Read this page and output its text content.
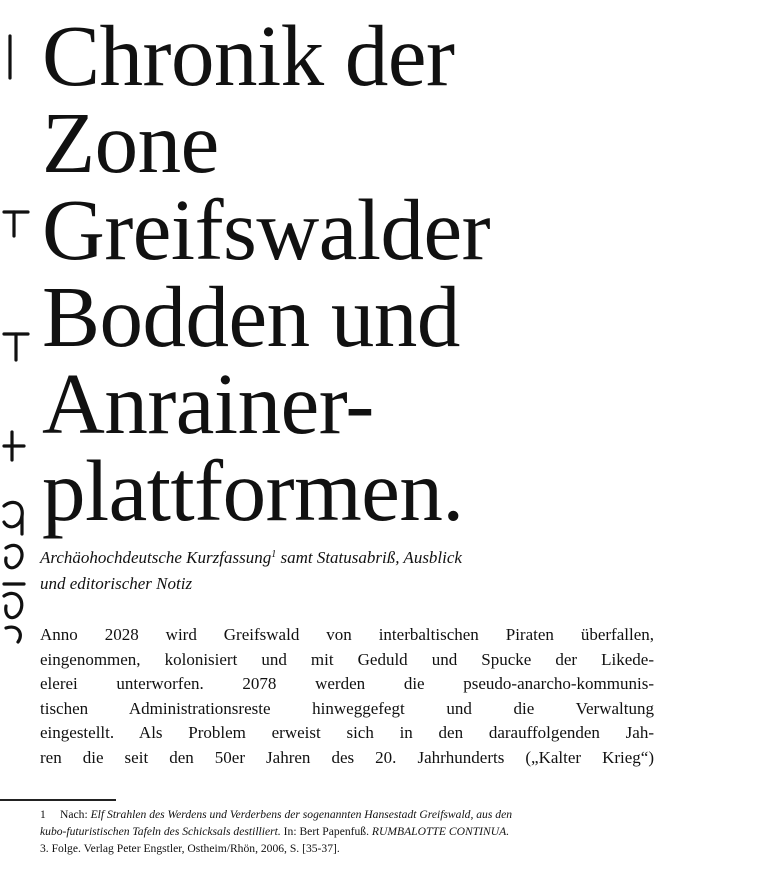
Chronik der
Zone
Greifswalder
Bodden und
Anrainer-
plattformen.
Archäohochdeutsche Kurzfassung$^1$ samt Statusabriß, Ausblick
und editorischer Notiz
Anno 2028 wird Greifswald von interbaltischen Piraten überfallen,
eingenommen, kolonisiert und mit Geduld und Spucke der Likede-
elerei unterworfen. 2078 werden die pseudo-anarcho-kommunis-
tischen Administrationsreste hinweggefegt und die Verwaltung
eingestellt. Als Problem erweist sich in den darauffolgenden Jah-
ren die seit den 50er Jahren des 20. Jahrhunderts („Kalter Krieg“)
1 Nach: Elf Strahlen des Werdens und Verderbens der sogenannten Hansestadt Greifswald, aus den
kubo-futuristischen Tafeln des Schicksals destilliert. In: Bert Papenfuß. RUMBALOTTE CONTINUA.
3. Folge. Verlag Peter Engstler, Ostheim/Rhön, 2006, S. [35-37].
